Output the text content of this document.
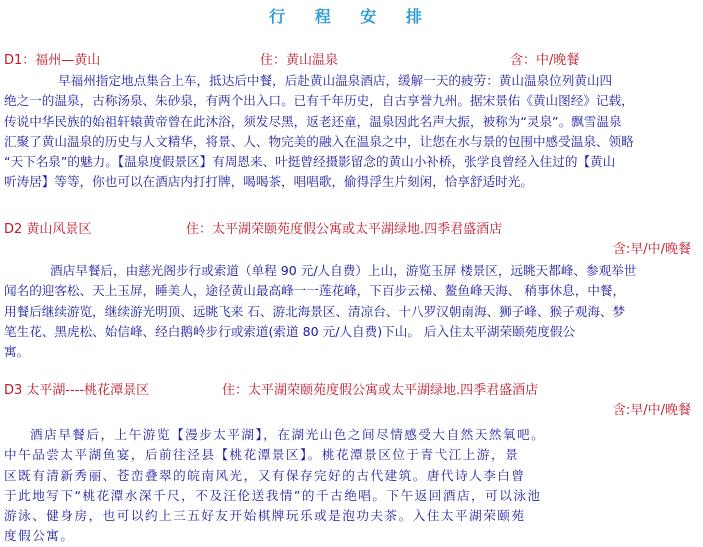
行 程 安 排
D1：福州—黄山	住：黄山温泉	含：中/晚餐
早福州指定地点集合上车，抵达后中餐，后赴黄山温泉酒店，缓解一天的疲劳：黄山温泉位列黄山四
绝之一的温泉，古称汤泉、朱砂泉，有两个出入口。已有千年历史，自古享誉九州。据宋景佑《黄山图经》记载，
传说中华民族的始祖轩辕黄帝曾在此沐浴，须发尽黑，返老还童，温泉因此名声大振，被称为“灵泉”。飘雪温泉
汇聚了黄山温泉的历史与人文精华，将景、人、物完美的融入在温泉之中，让您在水与景的包围中感受温泉、领略
“天下名泉”的魅力。【温泉度假景区】有周恩来、叶挺曾经摄影留念的黄山小补桥，张学良曾经入住过的【黄山
听涛居】等等，你也可以在酒店内打打牌，喝喝茶，唱唱歌，偷得浮生片刻闲，恰享舒适时光。
D2 黄山风景区	住：太平湖荣颐苑度假公寓或太平湖绿地.四季君盛酒店
含:早/中/晚餐
酒店早餐后，由慈光阁步行或索道（单程 90 元/人自费）上山，游览玉屏 楼景区，远眺天都峰、参观举世
闻名的迎客松、天上玉屏，睡美人，途径黄山最高峰一一莲花峰，下百步云梯、鳌鱼峰天海、 稍事休息，中餐，
用餐后继续游览，继续游光明顶、远眺飞来 石、游北海景区、清凉台、十八罗汉朝南海、狮子峰、猴子观海、梦
笔生花、黑虎松、始信峰、经白鹅岭步行或索道(索道 80 元/人自费)下山。 后入住太平湖荣颐苑度假公
寓。
D3 太平湖----桃花潭景区	住：太平湖荣颐苑度假公寓或太平湖绿地.四季君盛酒店
含:早/中/晚餐
酒店早餐后，上午游览【漫步太平湖】，在湖光山色之间尽情感受大自然天然氧吧。
中午品尝太平湖鱼宴，后前往泾县【桃花潭景区】。桃花潭景区位于青弋江上游，景
区既有清新秀丽、苍峦叠翠的皖南风光，又有保存完好的古代建筑。唐代诗人李白曾
于此地写下“桃花潭水深千尺，不及汪伦送我情”的千古绝唱。下午返回酒店，可以泳池
游泳、健身房，也可以约上三五好友开始棋牌玩乐或是泡功夫茶。入住太平湖荣颐苑
度假公寓。
